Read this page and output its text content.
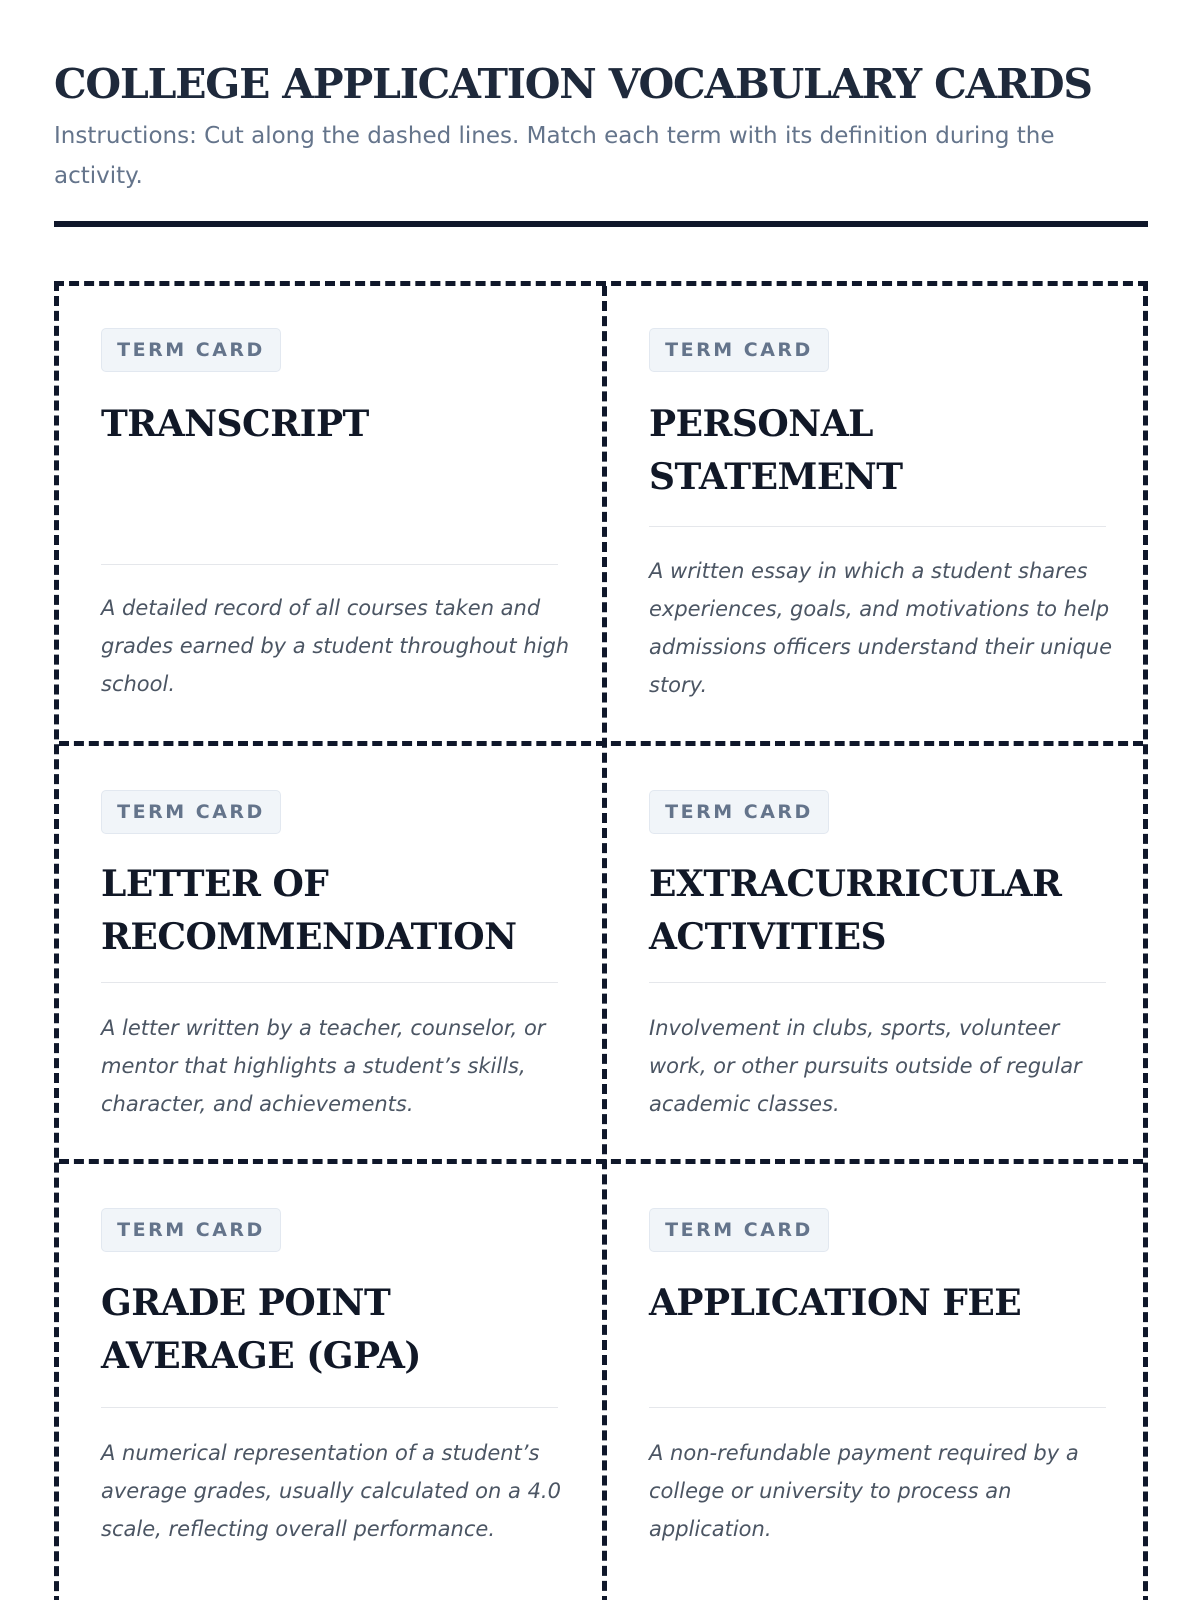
COLLEGE APPLICATION VOCABULARY CARDS

Instructions: Cut along the dashed lines. Match each term with its definition during the activity.

TERM CARD
TRANSCRIPT
A detailed record of all courses taken and grades earned by a student throughout high school.
TERM CARD
PERSONAL STATEMENT
A written essay in which a student shares experiences, goals, and motivations to help admissions officers understand their unique story.
TERM CARD
LETTER OF RECOMMENDATION
A letter written by a teacher, counselor, or mentor that highlights a student’s skills, character, and achievements.
TERM CARD
EXTRACURRICULAR ACTIVITIES
Involvement in clubs, sports, volunteer work, or other pursuits outside of regular academic classes.
TERM CARD
GRADE POINT AVERAGE (GPA)
A numerical representation of a student’s average grades, usually calculated on a 4.0 scale, reflecting overall performance.
TERM CARD
APPLICATION FEE
A non-refundable payment required by a college or university to process an application.
